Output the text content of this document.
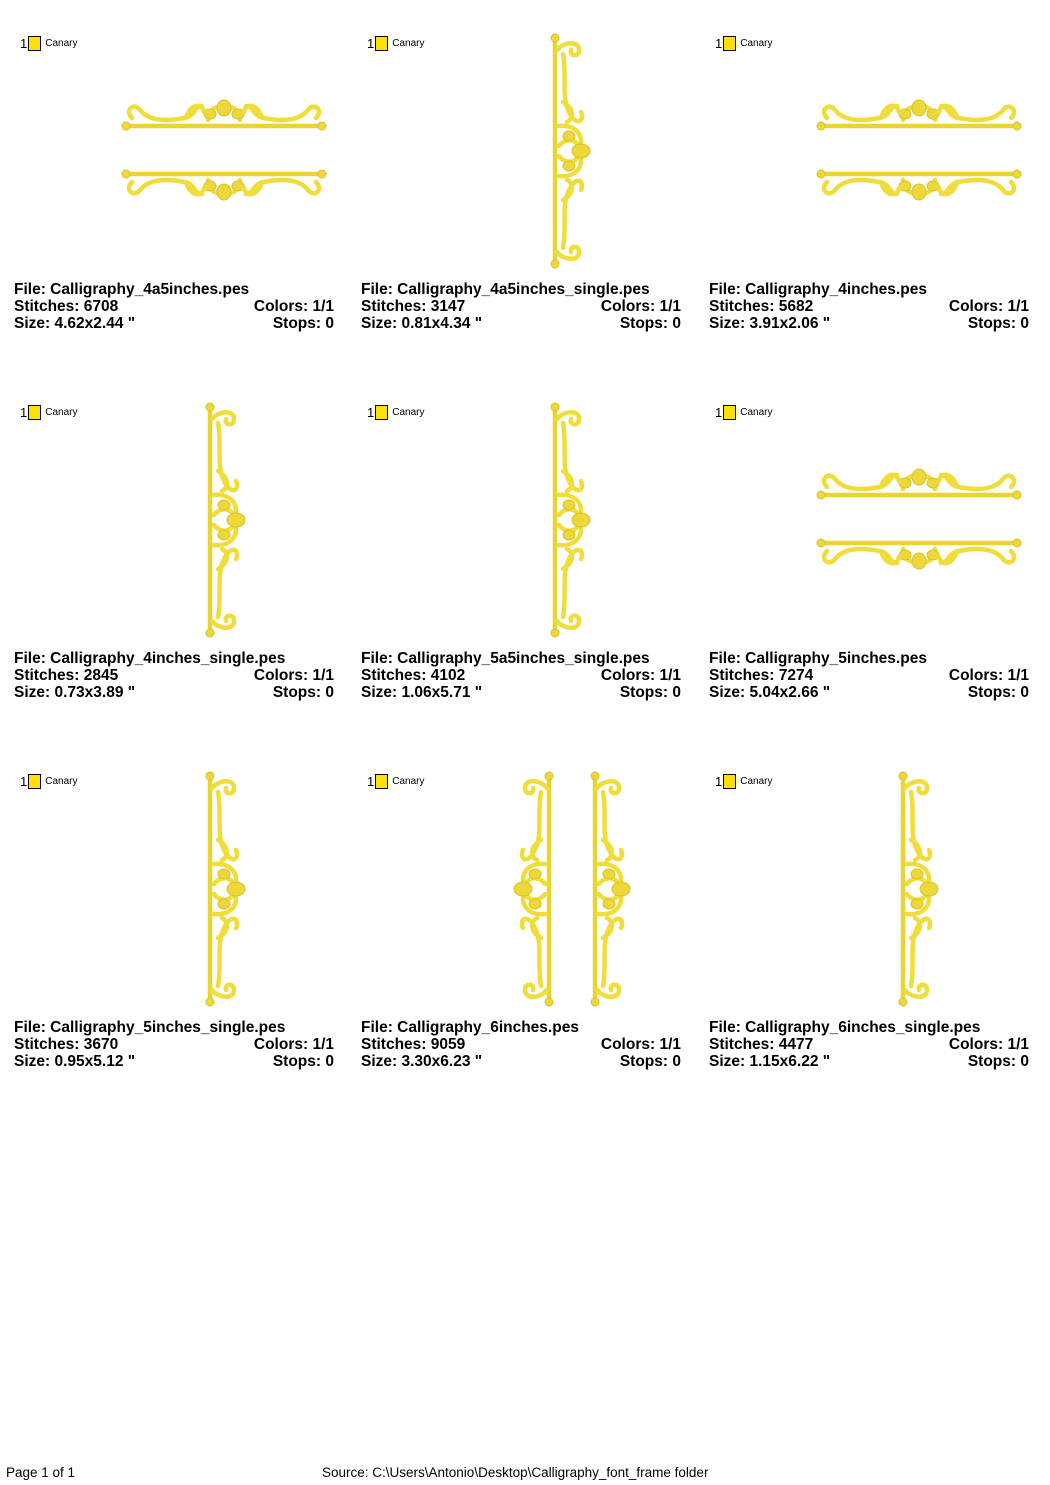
1 Canary
File: Calligraphy_4a5inches.pes
Stitches: 6708	Colors: 1/1
Size: 4.62x2.44 "	Stops: 0
1 Canary
File: Calligraphy_4a5inches_single.pes
Stitches: 3147	Colors: 1/1
Size: 0.81x4.34 "	Stops: 0
1 Canary
File: Calligraphy_4inches.pes
Stitches: 5682	Colors: 1/1
Size: 3.91x2.06 "	Stops: 0
1 Canary
File: Calligraphy_4inches_single.pes
Stitches: 2845	Colors: 1/1
Size: 0.73x3.89 "	Stops: 0
1 Canary
File: Calligraphy_5a5inches_single.pes
Stitches: 4102	Colors: 1/1
Size: 1.06x5.71 "	Stops: 0
1 Canary
File: Calligraphy_5inches.pes
Stitches: 7274	Colors: 1/1
Size: 5.04x2.66 "	Stops: 0
1 Canary
File: Calligraphy_5inches_single.pes
Stitches: 3670	Colors: 1/1
Size: 0.95x5.12 "	Stops: 0
1 Canary
File: Calligraphy_6inches.pes
Stitches: 9059	Colors: 1/1
Size: 3.30x6.23 "	Stops: 0
1 Canary
File: Calligraphy_6inches_single.pes
Stitches: 4477	Colors: 1/1
Size: 1.15x6.22 "	Stops: 0
Page 1 of 1	Source: C:\Users\Antonio\Desktop\Calligraphy_font_frame folder
